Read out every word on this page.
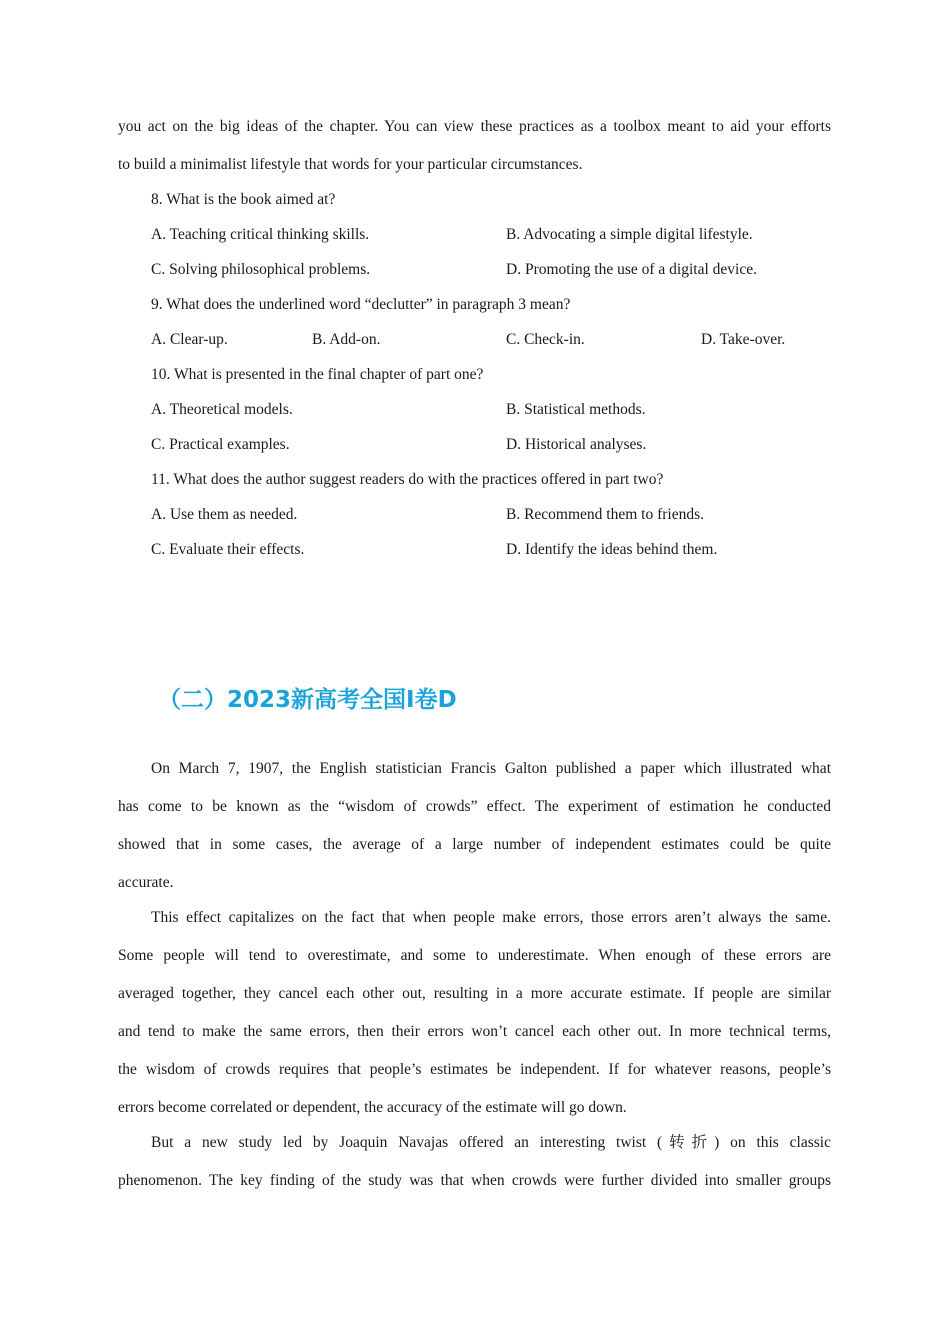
you act on the big ideas of the chapter. You can view these practices as a toolbox meant to aid your efforts
to build a minimalist lifestyle that words for your particular circumstances.
8. What is the book aimed at?
A. Teaching critical thinking skills.	B. Advocating a simple digital lifestyle.
C. Solving philosophical problems.	D. Promoting the use of a digital device.
9. What does the underlined word “declutter” in paragraph 3 mean?
A. Clear-up.	B. Add-on.	C. Check-in.	D. Take-over.
10. What is presented in the final chapter of part one?
A. Theoretical models.	B. Statistical methods.
C. Practical examples.	D. Historical analyses.
11. What does the author suggest readers do with the practices offered in part two?
A. Use them as needed.	B. Recommend them to friends.
C. Evaluate their effects.	D. Identify the ideas behind them.
（二）2023新高考全国Ⅰ卷D
On March 7, 1907, the English statistician Francis Galton published a paper which illustrated what
has come to be known as the “wisdom of crowds” effect. The experiment of estimation he conducted
showed that in some cases, the average of a large number of independent estimates could be quite
accurate.
This effect capitalizes on the fact that when people make errors, those errors aren’t always the same.
Some people will tend to overestimate, and some to underestimate. When enough of these errors are
averaged together, they cancel each other out, resulting in a more accurate estimate. If people are similar
and tend to make the same errors, then their errors won’t cancel each other out. In more technical terms,
the wisdom of crowds requires that people’s estimates be independent. If for whatever reasons, people’s
errors become correlated or dependent, the accuracy of the estimate will go down.
But a new study led by Joaquin Navajas offered an interesting twist (转折) on this classic
phenomenon. The key finding of the study was that when crowds were further divided into smaller groups
